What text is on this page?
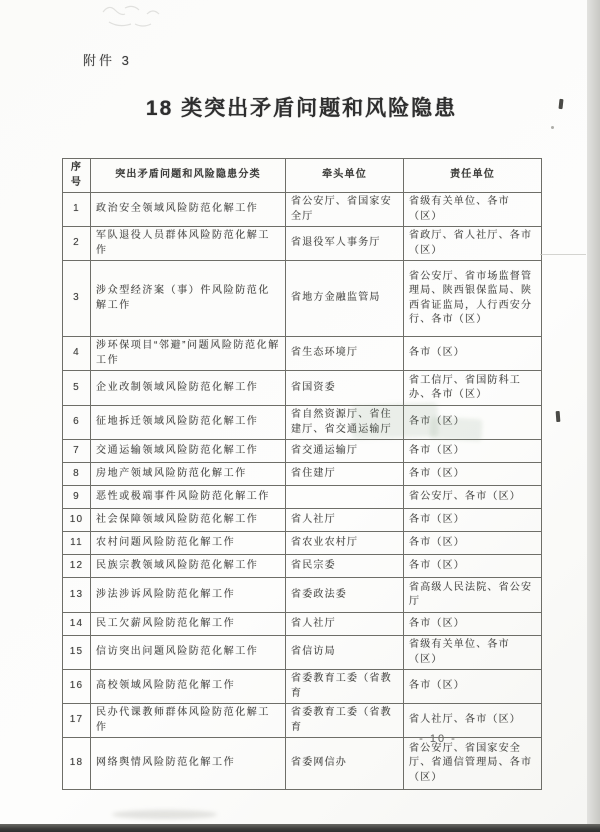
附件 3
18 类突出矛盾问题和风险隐患
序号	突出矛盾问题和风险隐患分类	牵头单位	责任单位
1	政治安全领域风险防范化解工作	省公安厅、省国家安全厅	省级有关单位、各市（区）
2	军队退役人员群体风险防范化解工作	省退役军人事务厅	省政厅、省人社厅、各市（区）
3	涉众型经济案（事）件风险防范化解工作	省地方金融监管局	省公安厅、省市场监督管理局、陕西银保监局、陕西省证监局，人行西安分行、各市（区）
4	涉环保项目“邻避”问题风险防范化解工作	省生态环境厅	各市（区）
5	企业改制领域风险防范化解工作	省国资委	省工信厅、省国防科工办、各市（区）
6	征地拆迁领域风险防范化解工作	省自然资源厅、省住建厅、省交通运输厅	各市（区）
7	交通运输领域风险防范化解工作	省交通运输厅	各市（区）
8	房地产领域风险防范化解工作	省住建厅	各市（区）
9	恶性或极端事件风险防范化解工作		省公安厅、各市（区）
10	社会保障领域风险防范化解工作	省人社厅	各市（区）
11	农村问题风险防范化解工作	省农业农村厅	各市（区）
12	民族宗教领域风险防范化解工作	省民宗委	各市（区）
13	涉法涉诉风险防范化解工作	省委政法委	省高级人民法院、省公安厅
14	民工欠薪风险防范化解工作	省人社厅	各市（区）
15	信访突出问题风险防范化解工作	省信访局	省级有关单位、各市（区）
16	高校领域风险防范化解工作	省委教育工委（省教育	各市（区）
17	民办代课教师群体风险防范化解工作	省委教育工委（省教育	省人社厅、各市（区）
18	网络舆情风险防范化解工作	省委网信办	省公安厅、省国家安全厅、省通信管理局、各市（区）
- 10 -
